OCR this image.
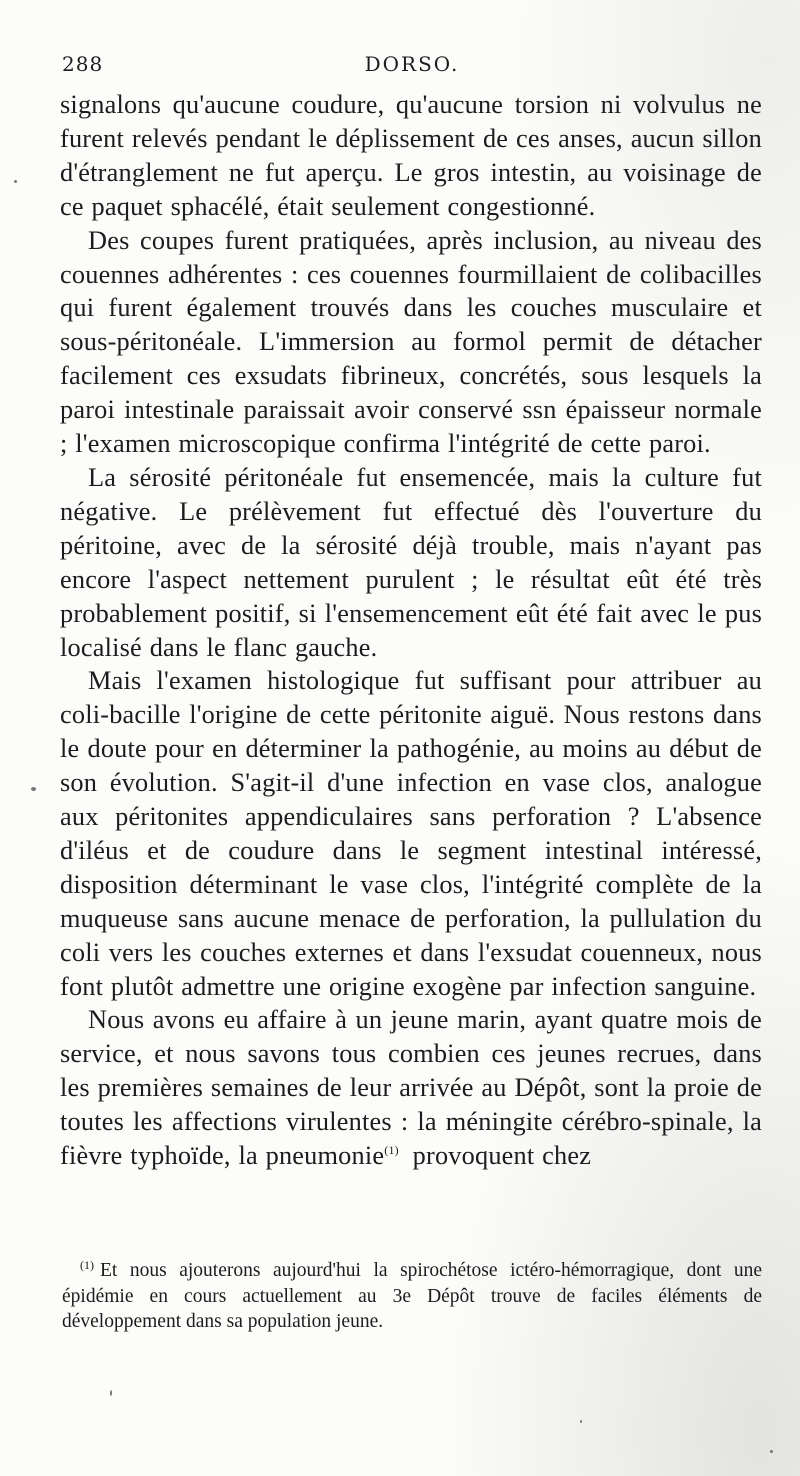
288	DORSO.

signalons qu'aucune coudure, qu'aucune torsion ni volvulus ne furent relevés pendant le déplissement de ces anses, aucun sillon d'étranglement ne fut aperçu. Le gros intestin, au voisinage de ce paquet sphacélé, était seulement congestionné.

Des coupes furent pratiquées, après inclusion, au niveau des couennes adhérentes : ces couennes fourmillaient de colibacilles qui furent également trouvés dans les couches musculaire et sous-péritonéale. L'immersion au formol permit de détacher facilement ces exsudats fibrineux, concrétés, sous lesquels la paroi intestinale paraissait avoir conservé ssn épaisseur normale ; l'examen microscopique confirma l'intégrité de cette paroi.

La sérosité péritonéale fut ensemencée, mais la culture fut négative. Le prélèvement fut effectué dès l'ouverture du péritoine, avec de la sérosité déjà trouble, mais n'ayant pas encore l'aspect nettement purulent ; le résultat eût été très probablement positif, si l'ensemencement eût été fait avec le pus localisé dans le flanc gauche.

Mais l'examen histologique fut suffisant pour attribuer au coli-bacille l'origine de cette péritonite aiguë. Nous restons dans le doute pour en déterminer la pathogénie, au moins au début de son évolution. S'agit-il d'une infection en vase clos, analogue aux péritonites appendiculaires sans perforation ? L'absence d'iléus et de coudure dans le segment intestinal intéressé, disposition déterminant le vase clos, l'intégrité complète de la muqueuse sans aucune menace de perforation, la pullulation du coli vers les couches externes et dans l'exsudat couenneux, nous font plutôt admettre une origine exogène par infection sanguine.

Nous avons eu affaire à un jeune marin, ayant quatre mois de service, et nous savons tous combien ces jeunes recrues, dans les premières semaines de leur arrivée au Dépôt, sont la proie de toutes les affections virulentes : la méningite cérébro-spinale, la fièvre typhoïde, la pneumonie$^{(1)}$ provoquent chez

$^{(1)}$ Et nous ajouterons aujourd'hui la spirochétose ictéro-hémorragique, dont une épidémie en cours actuellement au 3e Dépôt trouve de faciles éléments de développement dans sa population jeune.
